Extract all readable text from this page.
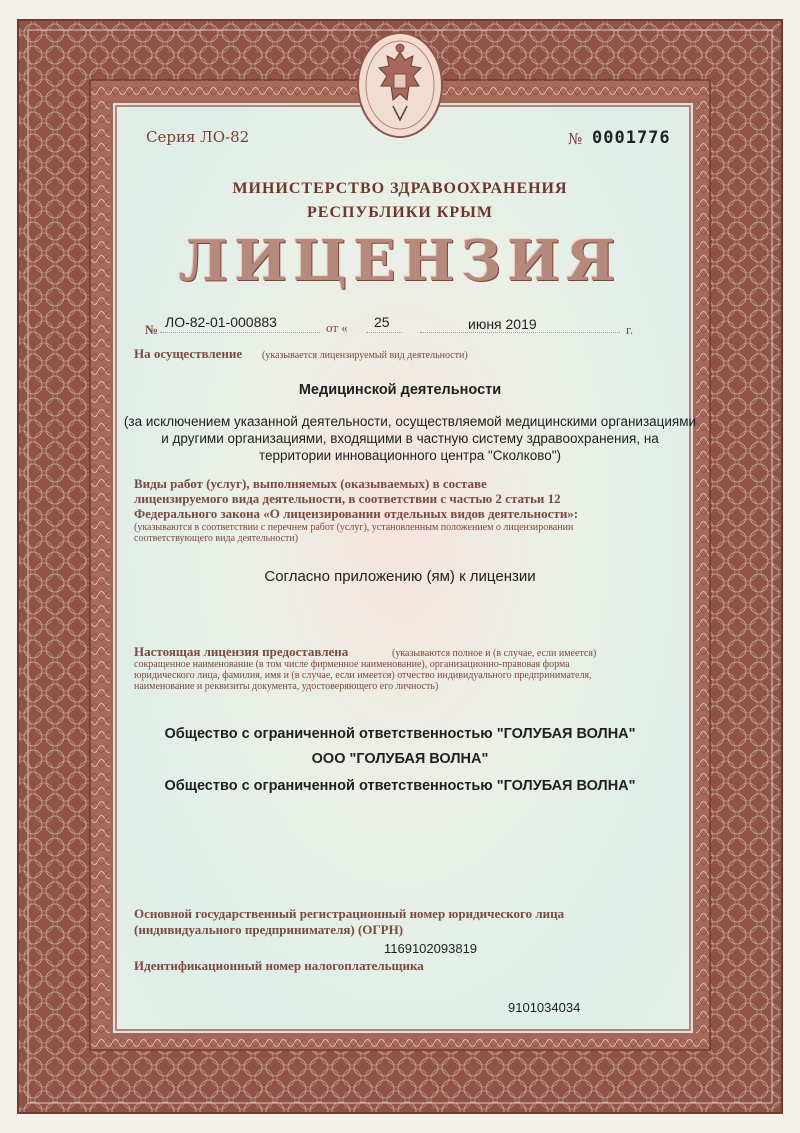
Серия ЛО-82	№ 0001776
МИНИСТЕРСТВО ЗДРАВООХРАНЕНИЯ
РЕСПУБЛИКИ КРЫМ
ЛИЦЕНЗИЯ
№ ЛО-82-01-000883	от « 25	июня 2019	г.
На осуществление (указывается лицензируемый вид деятельности)
Медицинской деятельности
(за исключением указанной деятельности, осуществляемой медицинскими организациями
и другими организациями, входящими в частную систему здравоохранения, на
территории инновационного центра "Сколково")
Виды работ (услуг), выполняемых (оказываемых) в составе
лицензируемого вида деятельности, в соответствии с частью 2 статьи 12
Федерального закона «О лицензировании отдельных видов деятельности»:
(указываются в соответствии с перечнем работ (услуг), установленным положением о лицензировании
соответствующего вида деятельности)
Согласно приложению (ям) к лицензии
Настоящая лицензия предоставлена	(указываются полное и (в случае, если имеется)
сокращенное наименование (в том числе фирменное наименование), организационно-правовая форма
юридического лица, фамилия, имя и (в случае, если имеется) отчество индивидуального предпринимателя,
наименование и реквизиты документа, удостоверяющего его личность)
Общество с ограниченной ответственностью "ГОЛУБАЯ ВОЛНА"
ООО "ГОЛУБАЯ ВОЛНА"
Общество с ограниченной ответственностью "ГОЛУБАЯ ВОЛНА"
Основной государственный регистрационный номер юридического лица
(индивидуального предпринимателя) (ОГРН)
1169102093819
Идентификационный номер налогоплательщика
9101034034
